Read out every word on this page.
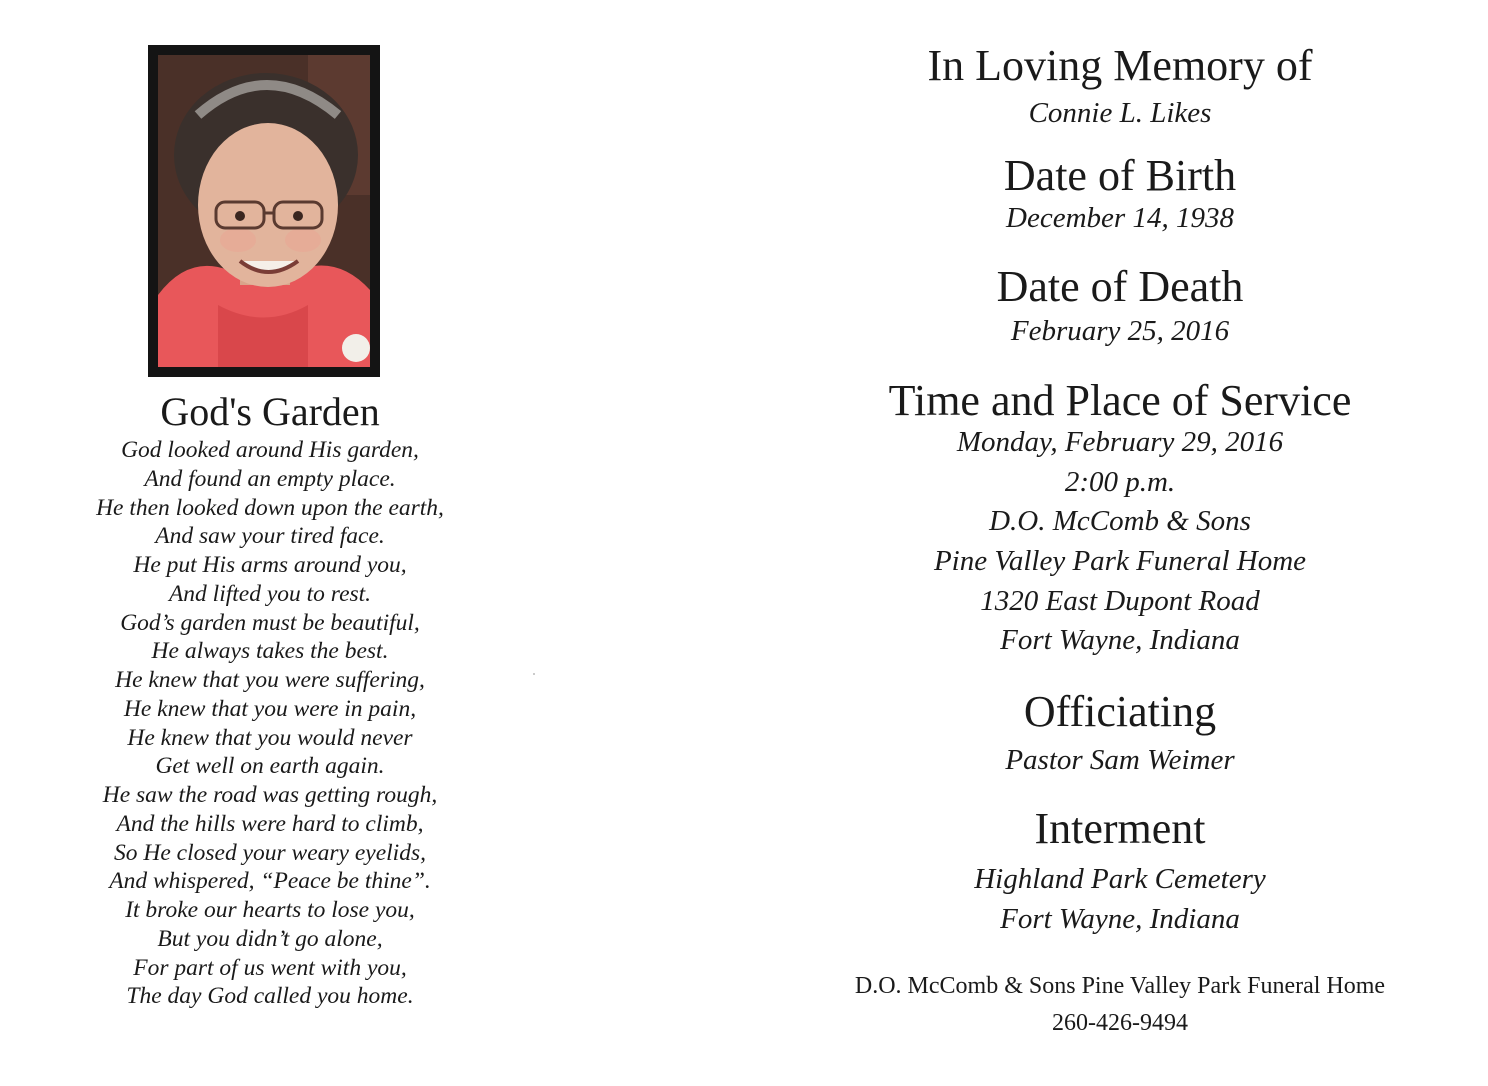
God's Garden
God looked around His garden,
And found an empty place.
He then looked down upon the earth,
And saw your tired face.
He put His arms around you,
And lifted you to rest.
God’s garden must be beautiful,
He always takes the best.
He knew that you were suffering,
He knew that you were in pain,
He knew that you would never
Get well on earth again.
He saw the road was getting rough,
And the hills were hard to climb,
So He closed your weary eyelids,
And whispered, “Peace be thine”.
It broke our hearts to lose you,
But you didn’t go alone,
For part of us went with you,
The day God called you home.
In Loving Memory of
Connie L. Likes
Date of Birth
December 14, 1938
Date of Death
February 25, 2016
Time and Place of Service
Monday, February 29, 2016
2:00 p.m.
D.O. McComb & Sons
Pine Valley Park Funeral Home
1320 East Dupont Road
Fort Wayne, Indiana
Officiating
Pastor Sam Weimer
Interment
Highland Park Cemetery
Fort Wayne, Indiana
D.O. McComb & Sons Pine Valley Park Funeral Home
260-426-9494
